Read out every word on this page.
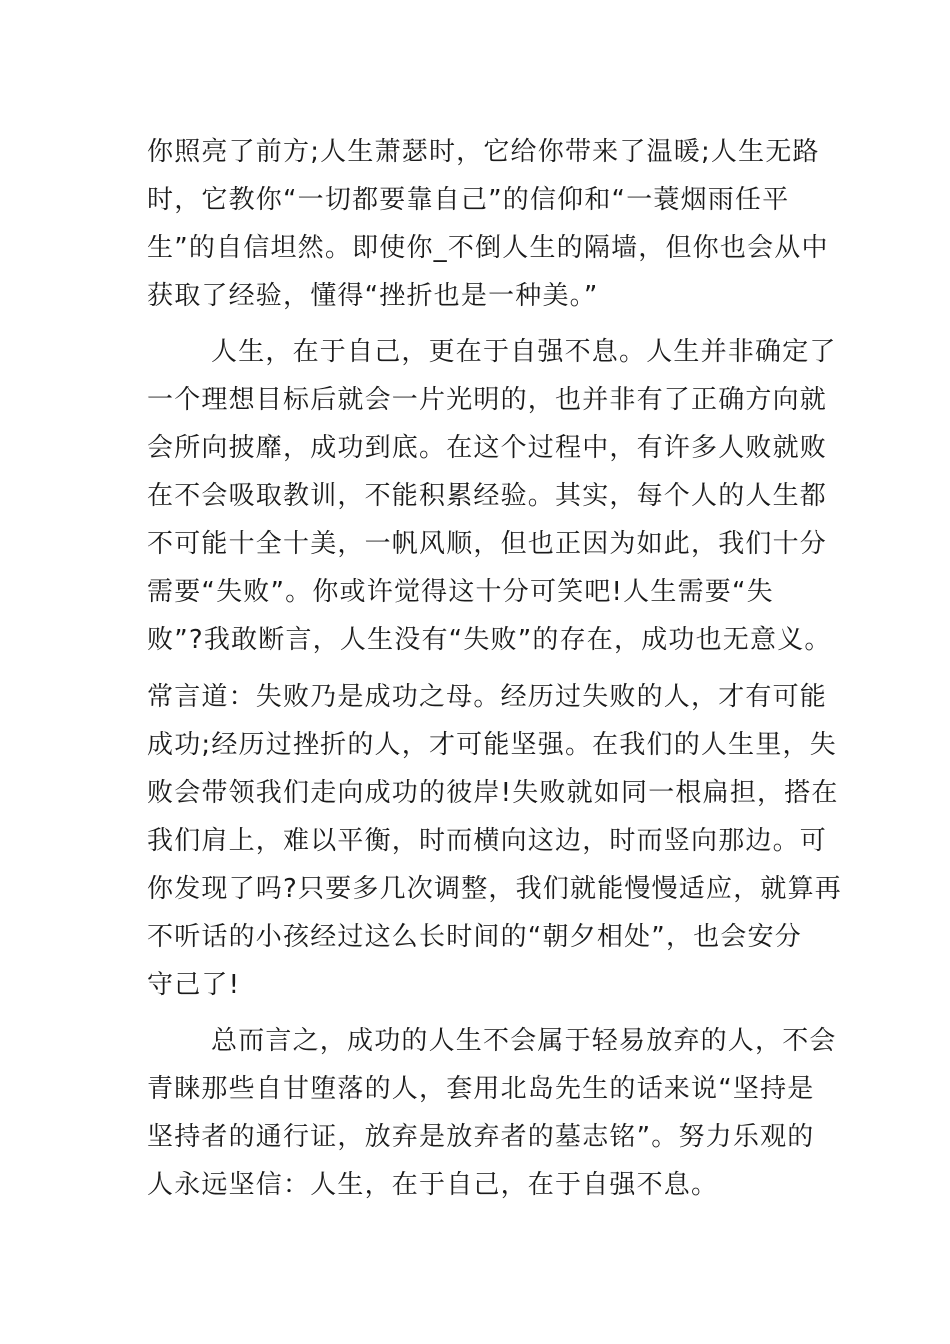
你照亮了前方;人生萧瑟时，它给你带来了温暖;人生无路
时，它教你“一切都要靠自己”的信仰和“一蓑烟雨任平
生”的自信坦然。即使你_不倒人生的隔墙，但你也会从中
获取了经验，懂得“挫折也是一种美。”
人生，在于自己，更在于自强不息。人生并非确定了
一个理想目标后就会一片光明的，也并非有了正确方向就
会所向披靡，成功到底。在这个过程中，有许多人败就败
在不会吸取教训，不能积累经验。其实，每个人的人生都
不可能十全十美，一帆风顺，但也正因为如此，我们十分
需要“失败”。你或许觉得这十分可笑吧!人生需要“失
败”?我敢断言，人生没有“失败”的存在，成功也无意义。
常言道：失败乃是成功之母。经历过失败的人，才有可能
成功;经历过挫折的人，才可能坚强。在我们的人生里，失
败会带领我们走向成功的彼岸!失败就如同一根扁担，搭在
我们肩上，难以平衡，时而横向这边，时而竖向那边。可
你发现了吗?只要多几次调整，我们就能慢慢适应，就算再
不听话的小孩经过这么长时间的“朝夕相处”，也会安分
守己了!
总而言之，成功的人生不会属于轻易放弃的人，不会
青睐那些自甘堕落的人，套用北岛先生的话来说“坚持是
坚持者的通行证，放弃是放弃者的墓志铭”。努力乐观的
人永远坚信：人生，在于自己，在于自强不息。
